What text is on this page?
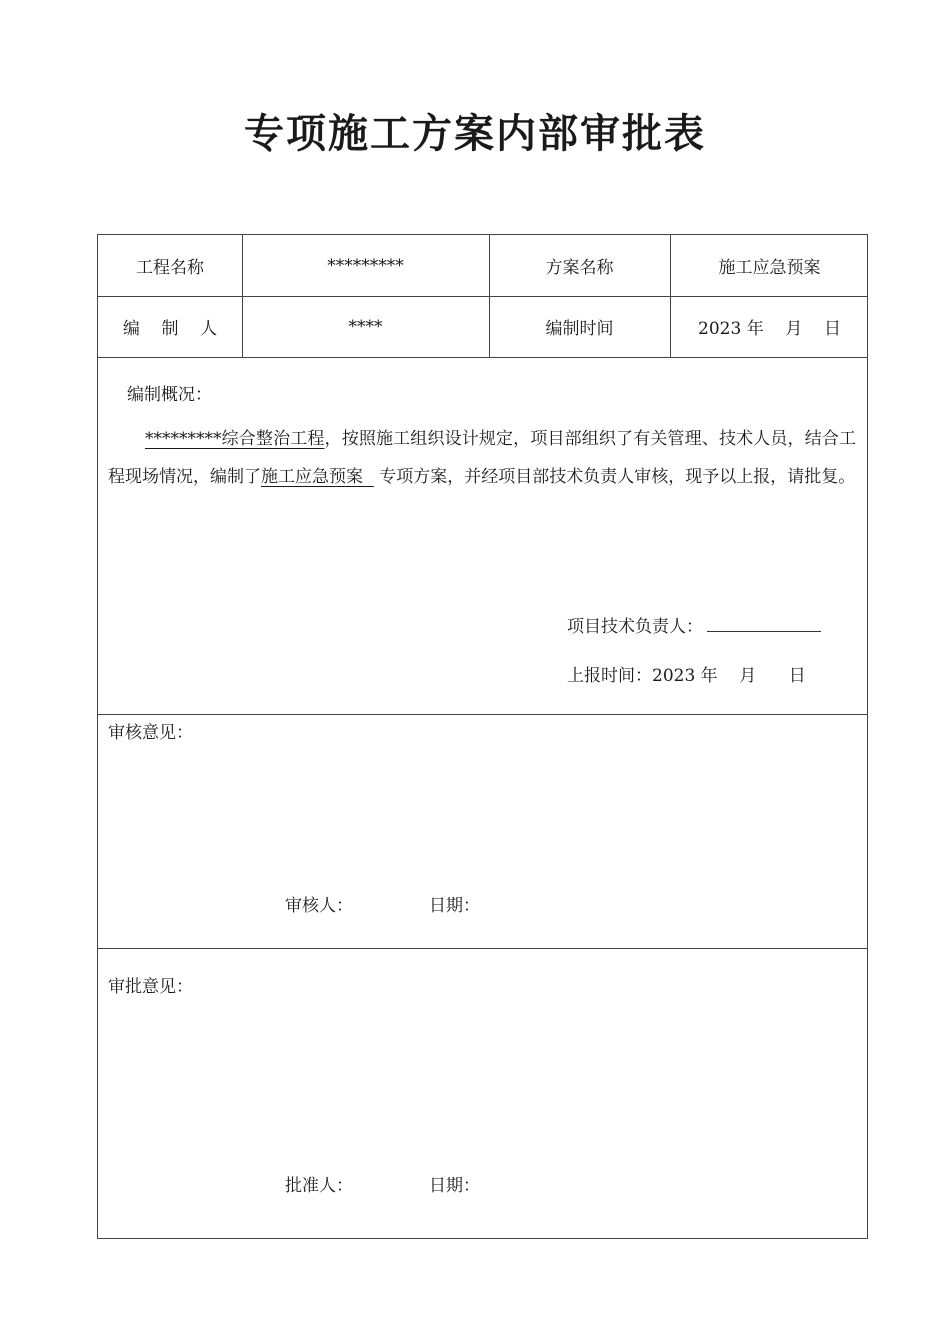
专项施工方案内部审批表
工程名称	*********	方案名称	施工应急预案
编    制    人	****	编制时间	2023 年    月    日
编制概况：
*********综合整治工程，按照施工组织设计规定，项目部组织了有关管理、技术人员，结合工程现场情况，编制了施工应急预案   专项方案，并经项目部技术负责人审核，现予以上报，请批复。
项目技术负责人：
上报时间：2023 年    月      日
审核意见：
审核人：	日期：
审批意见：
批准人：	日期：
